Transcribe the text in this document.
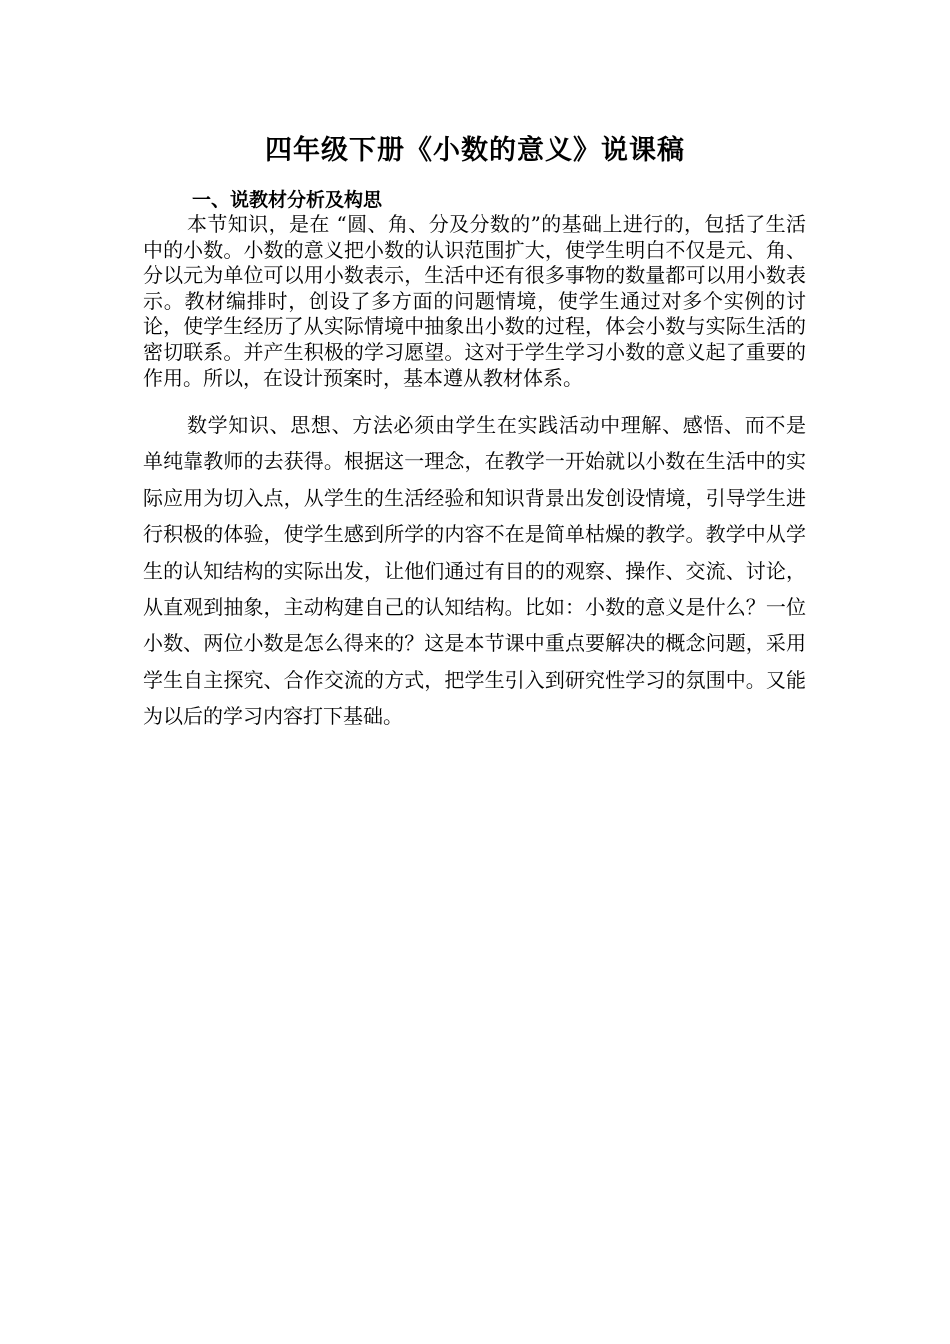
四年级下册《小数的意义》说课稿
一、说教材分析及构思

本节知识，是在 “圆、角、分及分数的”的基础上进行的，包括了生活中的小数。小数的意义把小数的认识范围扩大，使学生明白不仅是元、角、分以元为单位可以用小数表示，生活中还有很多事物的数量都可以用小数表示。教材编排时，创设了多方面的问题情境，使学生通过对多个实例的讨论，使学生经历了从实际情境中抽象出小数的过程，体会小数与实际生活的密切联系。并产生积极的学习愿望。这对于学生学习小数的意义起了重要的作用。所以，在设计预案时，基本遵从教材体系。

数学知识、思想、方法必须由学生在实践活动中理解、感悟、而不是单纯靠教师的去获得。根据这一理念，在教学一开始就以小数在生活中的实际应用为切入点，从学生的生活经验和知识背景出发创设情境，引导学生进行积极的体验，使学生感到所学的内容不在是简单枯燥的教学。教学中从学生的认知结构的实际出发，让他们通过有目的的观察、操作、交流、讨论，从直观到抽象，主动构建自己的认知结构。比如：小数的意义是什么？一位小数、两位小数是怎么得来的？这是本节课中重点要解决的概念问题，采用学生自主探究、合作交流的方式，把学生引入到研究性学习的氛围中。又能为以后的学习内容打下基础。
